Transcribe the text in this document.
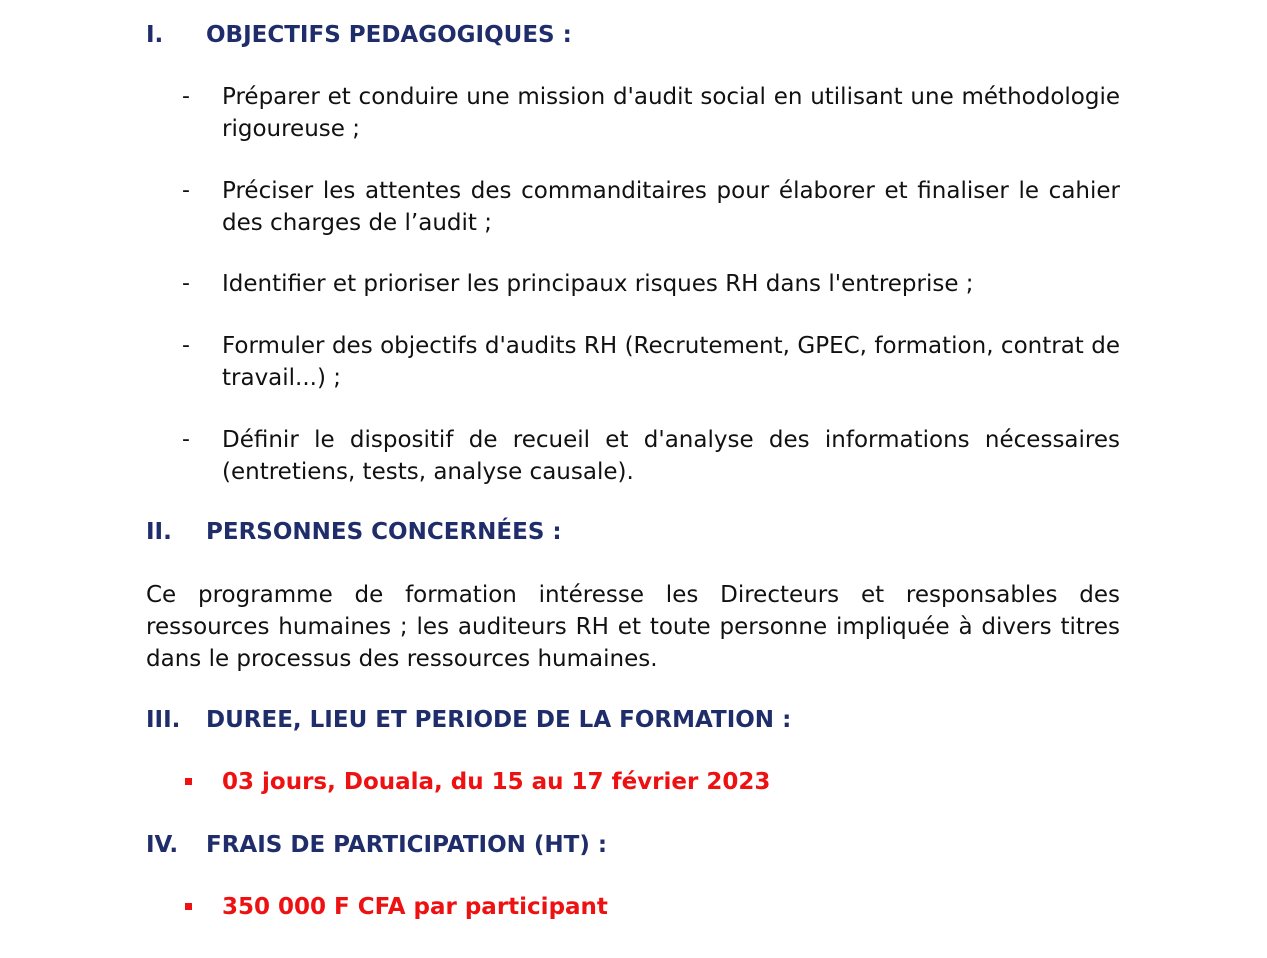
I. OBJECTIFS PEDAGOGIQUES :
- Préparer et conduire une mission d'audit social en utilisant une méthodologie rigoureuse ;
- Préciser les attentes des commanditaires pour élaborer et finaliser le cahier des charges de l’audit ;
- Identifier et prioriser les principaux risques RH dans l'entreprise ;
- Formuler des objectifs d'audits RH (Recrutement, GPEC, formation, contrat de travail...) ;
- Définir le dispositif de recueil et d'analyse des informations nécessaires (entretiens, tests, analyse causale).
II. PERSONNES CONCERNÉES :
Ce programme de formation intéresse les Directeurs et responsables des ressources humaines ; les auditeurs RH et toute personne impliquée à divers titres dans le processus des ressources humaines.
III. DUREE, LIEU ET PERIODE DE LA FORMATION :
03 jours, Douala, du 15 au 17 février 2023
IV. FRAIS DE PARTICIPATION (HT) :
350 000 F CFA par participant
